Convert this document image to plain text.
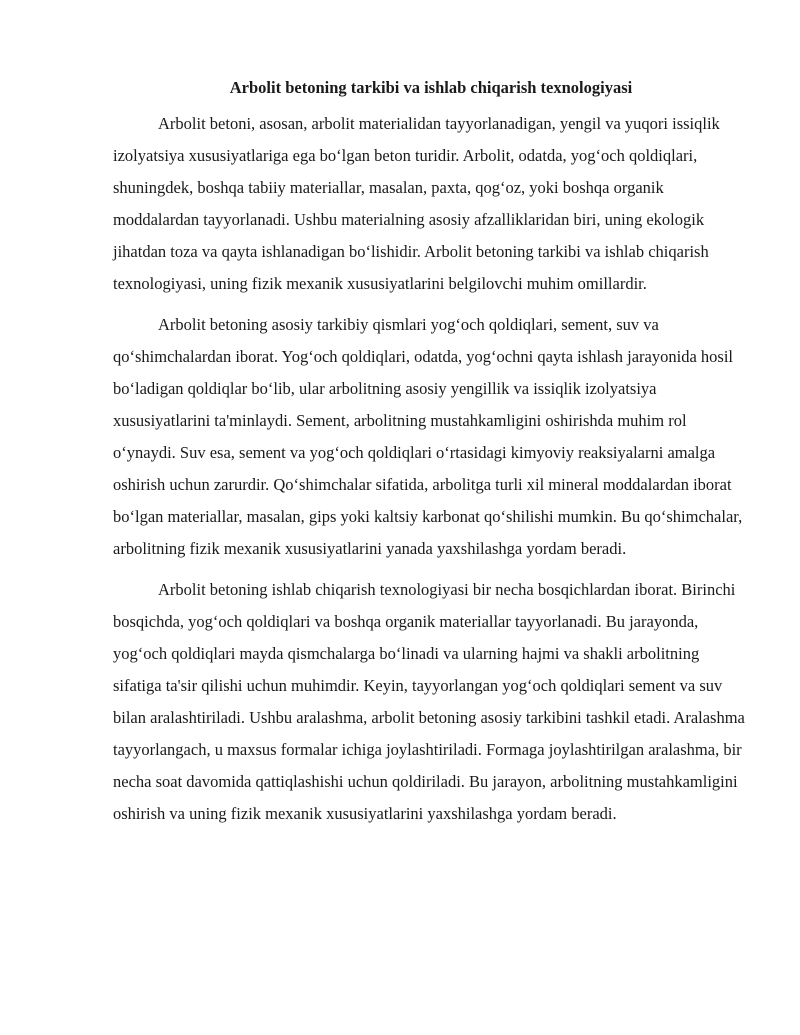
Arbolit betoning tarkibi va ishlab chiqarish texnologiyasi

Arbolit betoni, asosan, arbolit materialidan tayyorlanadigan, yengil va yuqori issiqlik izolyatsiya xususiyatlariga ega bo‘lgan beton turidir. Arbolit, odatda, yog‘och qoldiqlari, shuningdek, boshqa tabiiy materiallar, masalan, paxta, qog‘oz, yoki boshqa organik moddalardan tayyorlanadi. Ushbu materialning asosiy afzalliklaridan biri, uning ekologik jihatdan toza va qayta ishlanadigan bo‘lishidir. Arbolit betoning tarkibi va ishlab chiqarish texnologiyasi, uning fizik mexanik xususiyatlarini belgilovchi muhim omillardir.

Arbolit betoning asosiy tarkibiy qismlari yog‘och qoldiqlari, sement, suv va qo‘shimchalardan iborat. Yog‘och qoldiqlari, odatda, yog‘ochni qayta ishlash jarayonida hosil bo‘ladigan qoldiqlar bo‘lib, ular arbolitning asosiy yengillik va issiqlik izolyatsiya xususiyatlarini ta'minlaydi. Sement, arbolitning mustahkamligini oshirishda muhim rol o‘ynaydi. Suv esa, sement va yog‘och qoldiqlari o‘rtasidagi kimyoviy reaksiyalarni amalga oshirish uchun zarurdir. Qo‘shimchalar sifatida, arbolitga turli xil mineral moddalardan iborat bo‘lgan materiallar, masalan, gips yoki kaltsiy karbonat qo‘shilishi mumkin. Bu qo‘shimchalar, arbolitning fizik mexanik xususiyatlarini yanada yaxshilashga yordam beradi.

Arbolit betoning ishlab chiqarish texnologiyasi bir necha bosqichlardan iborat. Birinchi bosqichda, yog‘och qoldiqlari va boshqa organik materiallar tayyorlanadi. Bu jarayonda, yog‘och qoldiqlari mayda qismchalarga bo‘linadi va ularning hajmi va shakli arbolitning sifatiga ta'sir qilishi uchun muhimdir. Keyin, tayyorlangan yog‘och qoldiqlari sement va suv bilan aralashtiriladi. Ushbu aralashma, arbolit betoning asosiy tarkibini tashkil etadi. Aralashma tayyorlangach, u maxsus formalar ichiga joylashtiriladi. Formaga joylashtirilgan aralashma, bir necha soat davomida qattiqlashishi uchun qoldiriladi. Bu jarayon, arbolitning mustahkamligini oshirish va uning fizik mexanik xususiyatlarini yaxshilashga yordam beradi.
